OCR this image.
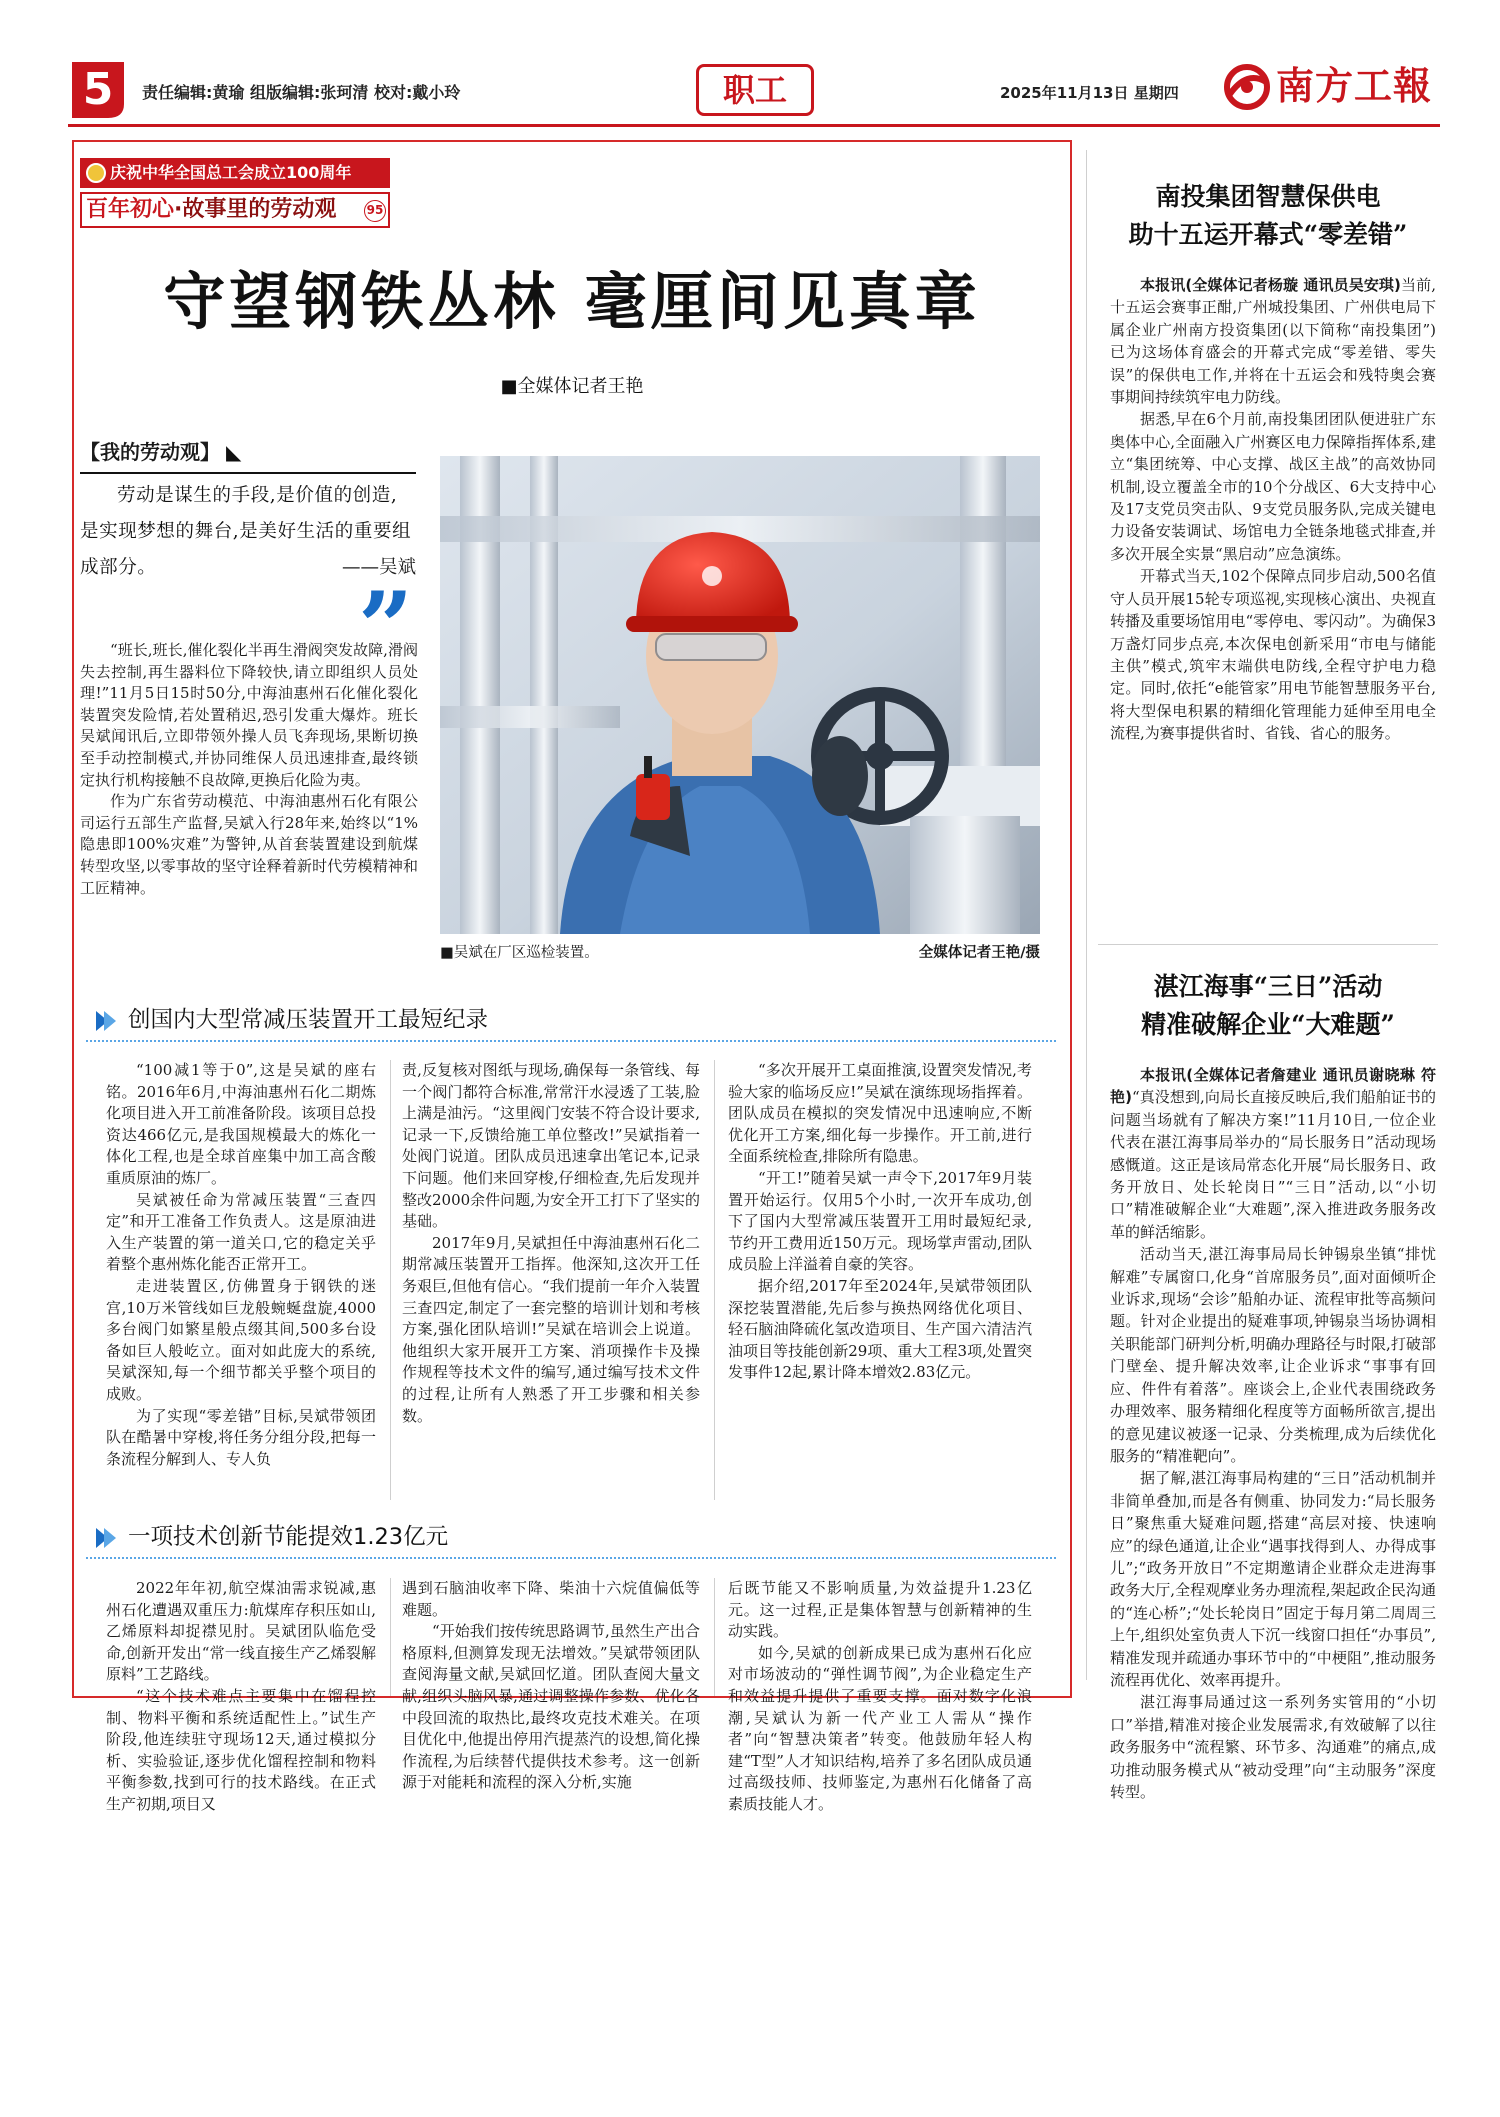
5	责任编辑:黄瑜 组版编辑:张珂清 校对:戴小玲	职工	2025年11月13日 星期四	南方工報
庆祝中华全国总工会成立100周年
百年初心·故事里的劳动观	95
守望钢铁丛林 毫厘间见真章
■全媒体记者王艳
【我的劳动观】 ◣

劳动是谋生的手段,是价值的创造,是实现梦想的舞台,是美好生活的重要组成部分。	——吴斌
”

“班长,班长,催化裂化半再生滑阀突发故障,滑阀失去控制,再生器料位下降较快,请立即组织人员处理!”11月5日15时50分,中海油惠州石化催化裂化装置突发险情,若处置稍迟,恐引发重大爆炸。班长吴斌闻讯后,立即带领外操人员飞奔现场,果断切换至手动控制模式,并协同维保人员迅速排查,最终锁定执行机构接触不良故障,更换后化险为夷。

作为广东省劳动模范、中海油惠州石化有限公司运行五部生产监督,吴斌入行28年来,始终以“1%隐患即100%灾难”为警钟,从首套装置建设到航煤转型攻坚,以零事故的坚守诠释着新时代劳模精神和工匠精神。

■吴斌在厂区巡检装置。	全媒体记者王艳/摄
创国内大型常减压装置开工最短纪录

“100减1等于0”,这是吴斌的座右铭。2016年6月,中海油惠州石化二期炼化项目进入开工前准备阶段。该项目总投资达466亿元,是我国规模最大的炼化一体化工程,也是全球首座集中加工高含酸重质原油的炼厂。

吴斌被任命为常减压装置“三查四定”和开工准备工作负责人。这是原油进入生产装置的第一道关口,它的稳定关乎着整个惠州炼化能否正常开工。

走进装置区,仿佛置身于钢铁的迷宫,10万米管线如巨龙般蜿蜒盘旋,4000多台阀门如繁星般点缀其间,500多台设备如巨人般屹立。面对如此庞大的系统,吴斌深知,每一个细节都关乎整个项目的成败。

为了实现“零差错”目标,吴斌带领团队在酷暑中穿梭,将任务分组分段,把每一条流程分解到人、专人负

责,反复核对图纸与现场,确保每一条管线、每一个阀门都符合标准,常常汗水浸透了工装,脸上满是油污。“这里阀门安装不符合设计要求,记录一下,反馈给施工单位整改!”吴斌指着一处阀门说道。团队成员迅速拿出笔记本,记录下问题。他们来回穿梭,仔细检查,先后发现并整改2000余件问题,为安全开工打下了坚实的基础。

2017年9月,吴斌担任中海油惠州石化二期常减压装置开工指挥。他深知,这次开工任务艰巨,但他有信心。“我们提前一年介入装置三查四定,制定了一套完整的培训计划和考核方案,强化团队培训!”吴斌在培训会上说道。他组织大家开展开工方案、消项操作卡及操作规程等技术文件的编写,通过编写技术文件的过程,让所有人熟悉了开工步骤和相关参数。

“多次开展开工桌面推演,设置突发情况,考验大家的临场反应!”吴斌在演练现场指挥着。团队成员在模拟的突发情况中迅速响应,不断优化开工方案,细化每一步操作。开工前,进行全面系统检查,排除所有隐患。

“开工!”随着吴斌一声令下,2017年9月装置开始运行。仅用5个小时,一次开车成功,创下了国内大型常减压装置开工用时最短纪录,节约开工费用近150万元。现场掌声雷动,团队成员脸上洋溢着自豪的笑容。

据介绍,2017年至2024年,吴斌带领团队深挖装置潜能,先后参与换热网络优化项目、轻石脑油降硫化氢改造项目、生产国六清洁汽油项目等技能创新29项、重大工程3项,处置突发事件12起,累计降本增效2.83亿元。

一项技术创新节能提效1.23亿元

2022年年初,航空煤油需求锐减,惠州石化遭遇双重压力:航煤库存积压如山,乙烯原料却捉襟见肘。吴斌团队临危受命,创新开发出“常一线直接生产乙烯裂解原料”工艺路线。

“这个技术难点主要集中在馏程控制、物料平衡和系统适配性上。”试生产阶段,他连续驻守现场12天,通过模拟分析、实验验证,逐步优化馏程控制和物料平衡参数,找到可行的技术路线。在正式生产初期,项目又

遇到石脑油收率下降、柴油十六烷值偏低等难题。

“开始我们按传统思路调节,虽然生产出合格原料,但测算发现无法增效。”吴斌带领团队查阅海量文献,吴斌回忆道。团队查阅大量文献,组织头脑风暴,通过调整操作参数、优化各中段回流的取热比,最终攻克技术难关。在项目优化中,他提出停用汽提蒸汽的设想,简化操作流程,为后续替代提供技术参考。这一创新源于对能耗和流程的深入分析,实施

后既节能又不影响质量,为效益提升1.23亿元。这一过程,正是集体智慧与创新精神的生动实践。

如今,吴斌的创新成果已成为惠州石化应对市场波动的“弹性调节阀”,为企业稳定生产和效益提升提供了重要支撑。面对数字化浪潮,吴斌认为新一代产业工人需从“操作者”向“智慧决策者”转变。他鼓励年轻人构建“T型”人才知识结构,培养了多名团队成员通过高级技师、技师鉴定,为惠州石化储备了高素质技能人才。

南投集团智慧保供电
助十五运开幕式“零差错”

本报讯(全媒体记者杨璇 通讯员吴安琪)当前,十五运会赛事正酣,广州城投集团、广州供电局下属企业广州南方投资集团(以下简称“南投集团”)已为这场体育盛会的开幕式完成“零差错、零失误”的保供电工作,并将在十五运会和残特奥会赛事期间持续筑牢电力防线。

据悉,早在6个月前,南投集团团队便进驻广东奥体中心,全面融入广州赛区电力保障指挥体系,建立“集团统筹、中心支撑、战区主战”的高效协同机制,设立覆盖全市的10个分战区、6大支持中心及17支党员突击队、9支党员服务队,完成关键电力设备安装调试、场馆电力全链条地毯式排查,并多次开展全实景“黑启动”应急演练。

开幕式当天,102个保障点同步启动,500名值守人员开展15轮专项巡视,实现核心演出、央视直转播及重要场馆用电“零停电、零闪动”。为确保3万盏灯同步点亮,本次保电创新采用“市电与储能主供”模式,筑牢末端供电防线,全程守护电力稳定。同时,依托“e能管家”用电节能智慧服务平台,将大型保电积累的精细化管理能力延伸至用电全流程,为赛事提供省时、省钱、省心的服务。

湛江海事“三日”活动
精准破解企业“大难题”

本报讯(全媒体记者詹建业 通讯员谢晓琳 符艳)“真没想到,向局长直接反映后,我们船舶证书的问题当场就有了解决方案!”11月10日,一位企业代表在湛江海事局举办的“局长服务日”活动现场感慨道。这正是该局常态化开展“局长服务日、政务开放日、处长轮岗日”“三日”活动,以“小切口”精准破解企业“大难题”,深入推进政务服务改革的鲜活缩影。

活动当天,湛江海事局局长钟锡泉坐镇“排忧解难”专属窗口,化身“首席服务员”,面对面倾听企业诉求,现场“会诊”船舶办证、流程审批等高频问题。针对企业提出的疑难事项,钟锡泉当场协调相关职能部门研判分析,明确办理路径与时限,打破部门壁垒、提升解决效率,让企业诉求“事事有回应、件件有着落”。座谈会上,企业代表围绕政务办理效率、服务精细化程度等方面畅所欲言,提出的意见建议被逐一记录、分类梳理,成为后续优化服务的“精准靶向”。

据了解,湛江海事局构建的“三日”活动机制并非简单叠加,而是各有侧重、协同发力:“局长服务日”聚焦重大疑难问题,搭建“高层对接、快速响应”的绿色通道,让企业“遇事找得到人、办得成事儿”;“政务开放日”不定期邀请企业群众走进海事政务大厅,全程观摩业务办理流程,架起政企民沟通的“连心桥”;“处长轮岗日”固定于每月第二周周三上午,组织处室负责人下沉一线窗口担任“办事员”,精准发现并疏通办事环节中的“中梗阻”,推动服务流程再优化、效率再提升。

湛江海事局通过这一系列务实管用的“小切口”举措,精准对接企业发展需求,有效破解了以往政务服务中“流程繁、环节多、沟通难”的痛点,成功推动服务模式从“被动受理”向“主动服务”深度转型。
